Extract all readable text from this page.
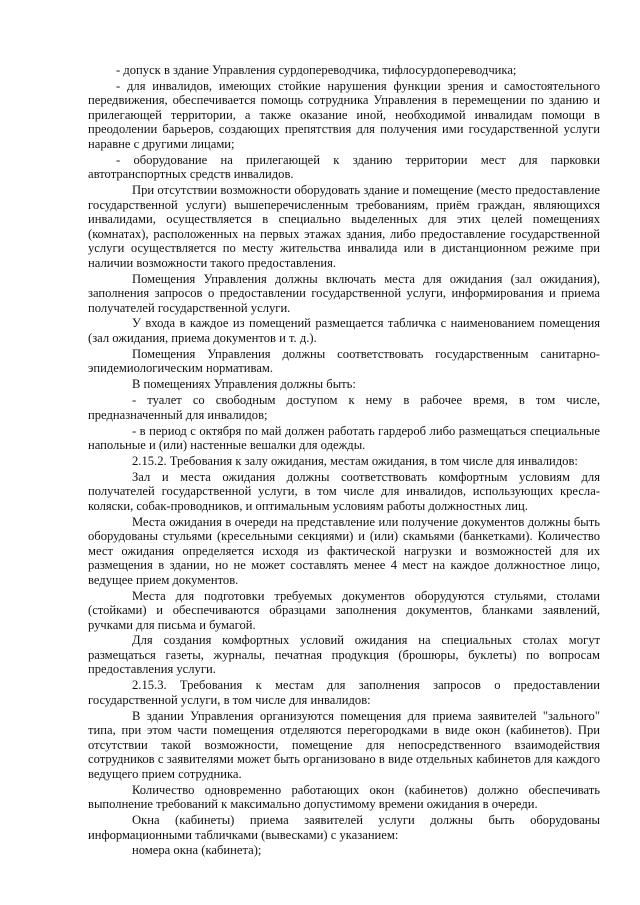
- допуск в здание Управления сурдопереводчика, тифлосурдопереводчика;

- для инвалидов, имеющих стойкие нарушения функции зрения и самостоятельного передвижения, обеспечивается помощь сотрудника Управления в перемещении по зданию и прилегающей территории, а также оказание иной, необходимой инвалидам помощи в преодолении барьеров, создающих препятствия для получения ими государственной услуги наравне с другими лицами;

- оборудование на прилегающей к зданию территории мест для парковки автотранспортных средств инвалидов.

При отсутствии возможности оборудовать здание и помещение (место предоставление государственной услуги) вышеперечисленным требованиям, приём граждан, являющихся инвалидами, осуществляется в специально выделенных для этих целей помещениях (комнатах), расположенных на первых этажах здания, либо предоставление государственной услуги осуществляется по месту жительства инвалида или в дистанционном режиме при наличии возможности такого предоставления.

Помещения Управления должны включать места для ожидания (зал ожидания), заполнения запросов о предоставлении государственной услуги, информирования и приема получателей государственной услуги.

У входа в каждое из помещений размещается табличка с наименованием помещения (зал ожидания, приема документов и т. д.).

Помещения Управления должны соответствовать государственным санитарно-эпидемиологическим нормативам.

В помещениях Управления должны быть:

- туалет со свободным доступом к нему в рабочее время, в том числе, предназначенный для инвалидов;

- в период с октября по май должен работать гардероб либо размещаться специальные напольные и (или) настенные вешалки для одежды.

2.15.2. Требования к залу ожидания, местам ожидания, в том числе для инвалидов:

Зал и места ожидания должны соответствовать комфортным условиям для получателей государственной услуги, в том числе для инвалидов, использующих кресла-коляски, собак-проводников, и оптимальным условиям работы должностных лиц.

Места ожидания в очереди на представление или получение документов должны быть оборудованы стульями (кресельными секциями) и (или) скамьями (банкетками). Количество мест ожидания определяется исходя из фактической нагрузки и возможностей для их размещения в здании, но не может составлять менее 4 мест на каждое должностное лицо, ведущее прием документов.

Места для подготовки требуемых документов оборудуются стульями, столами (стойками) и обеспечиваются образцами заполнения документов, бланками заявлений, ручками для письма и бумагой.

Для создания комфортных условий ожидания на специальных столах могут размещаться газеты, журналы, печатная продукция (брошюры, буклеты) по вопросам предоставления услуги.

2.15.3. Требования к местам для заполнения запросов о предоставлении государственной услуги, в том числе для инвалидов:

В здании Управления организуются помещения для приема заявителей "зального" типа, при этом части помещения отделяются перегородками в виде окон (кабинетов). При отсутствии такой возможности, помещение для непосредственного взаимодействия сотрудников с заявителями может быть организовано в виде отдельных кабинетов для каждого ведущего прием сотрудника.

Количество одновременно работающих окон (кабинетов) должно обеспечивать выполнение требований к максимально допустимому времени ожидания в очереди.

Окна (кабинеты) приема заявителей услуги должны быть оборудованы информационными табличками (вывесками) с указанием:

номера окна (кабинета);
